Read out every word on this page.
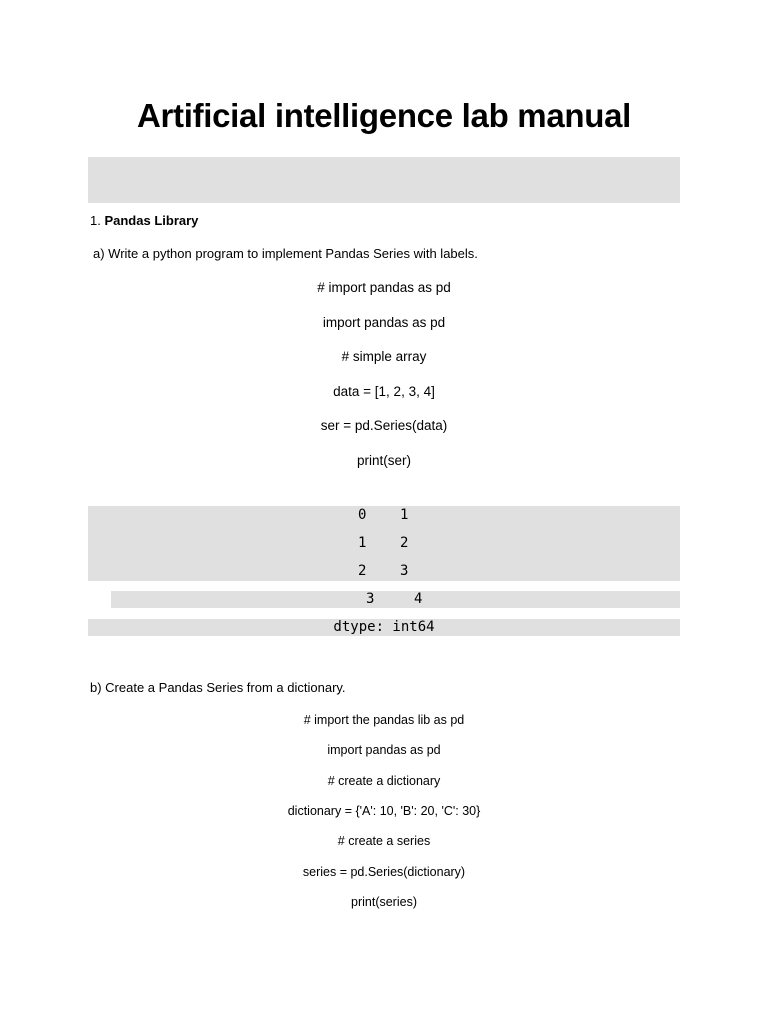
Artificial intelligence lab manual
1. Pandas Library
a) Write a python program to implement Pandas Series with labels.
# import pandas as pd
import pandas as pd
# simple array
data = [1, 2, 3, 4]
ser = pd.Series(data)
print(ser)
0 1
1 2
2 3
3	4
dtype: int64
b) Create a Pandas Series from a dictionary.
# import the pandas lib as pd
import pandas as pd
# create a dictionary
dictionary = {'A': 10, 'B': 20, 'C': 30}
# create a series
series = pd.Series(dictionary)
print(series)
